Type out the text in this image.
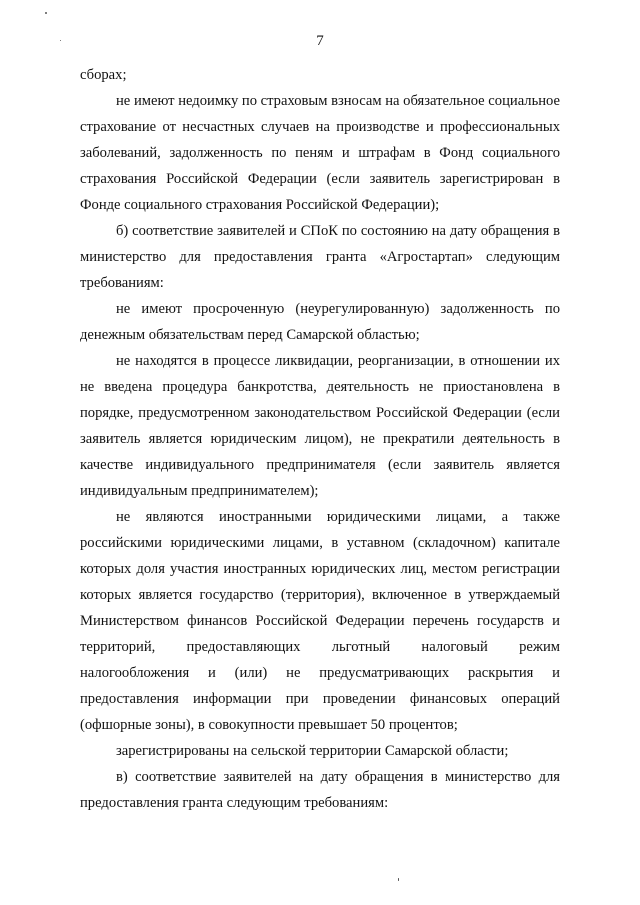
7

сборах;

не имеют недоимку по страховым взносам на обязательное социальное страхование от несчастных случаев на производстве и профессиональных заболеваний, задолженность по пеням и штрафам в Фонд социального страхования Российской Федерации (если заявитель зарегистрирован в Фонде социального страхования Российской Федерации);

б) соответствие заявителей и СПоК по состоянию на дату обращения в министерство для предоставления гранта «Агростартап» следующим требованиям:

не имеют просроченную (неурегулированную) задолженность по денежным обязательствам перед Самарской областью;

не находятся в процессе ликвидации, реорганизации, в отношении их не введена процедура банкротства, деятельность не приостановлена в порядке, предусмотренном законодательством Российской Федерации (если заявитель является юридическим лицом), не прекратили деятельность в качестве индивидуального предпринимателя (если заявитель является индивидуальным предпринимателем);

не являются иностранными юридическими лицами, а также российскими юридическими лицами, в уставном (складочном) капитале которых доля участия иностранных юридических лиц, местом регистрации которых является государство (территория), включенное в утверждаемый Министерством финансов Российской Федерации перечень государств и территорий, предоставляющих льготный налоговый режим налогообложения и (или) не предусматривающих раскрытия и предоставления информации при проведении финансовых операций (офшорные зоны), в совокупности превышает 50 процентов;

зарегистрированы на сельской территории Самарской области;

в) соответствие заявителей на дату обращения в министерство для предоставления гранта следующим требованиям:
